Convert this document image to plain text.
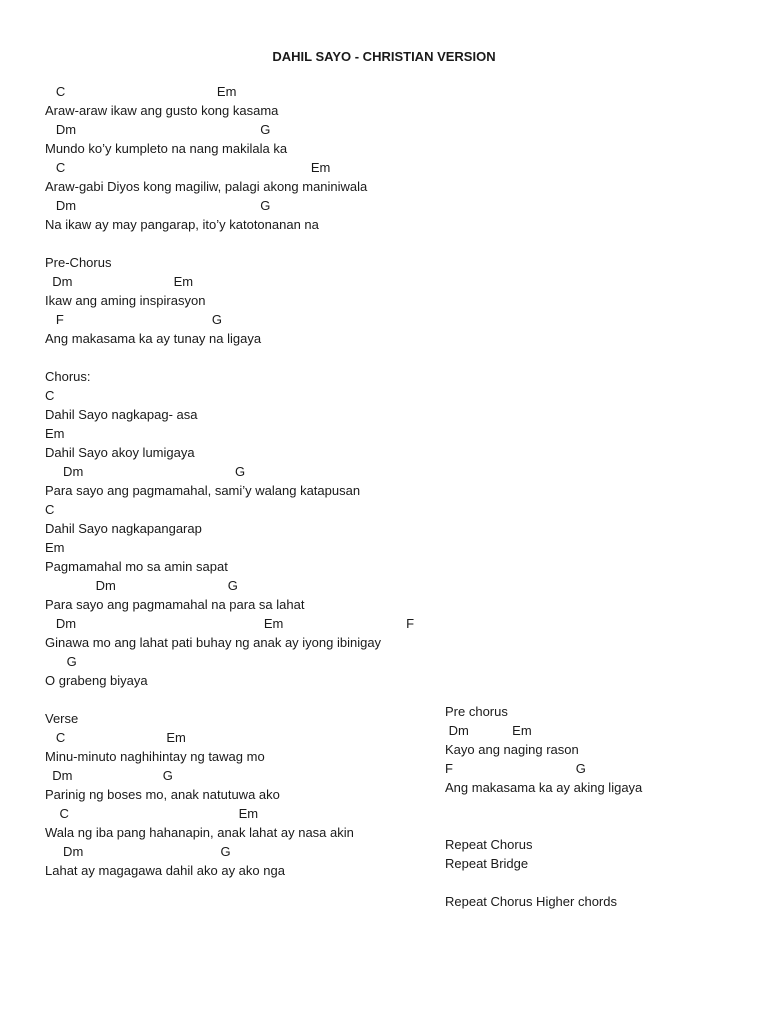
DAHIL SAYO - CHRISTIAN VERSION
C                                          Em
Araw-araw ikaw ang gusto kong kasama
Dm                                                   G
Mundo ko’y kumpleto na nang makilala ka
C                                                                    Em
Araw-gabi Diyos kong magiliw, palagi akong maniniwala
Dm                                                   G
Na ikaw ay may pangarap, ito’y katotonanan na
Pre-Chorus
Dm                            Em
Ikaw ang aming inspirasyon
F                                         G
Ang makasama ka ay tunay na ligaya
Chorus:
C
Dahil Sayo nagkapag- asa
Em
Dahil Sayo akoy lumigaya
Dm                                          G
Para sayo ang pagmamahal, sami’y walang katapusan
C
Dahil Sayo nagkapangarap
Em
Pagmamahal mo sa amin sapat
Dm                               G
Para sayo ang pagmamahal na para sa lahat
Dm                                                    Em                                  F
Ginawa mo ang lahat pati buhay ng anak ay iyong ibinigay
G
O grabeng biyaya
Verse
C                            Em
Minu-minuto naghihintay ng tawag mo
Dm                         G
Parinig ng boses mo, anak natutuwa ako
C                                               Em
Wala ng iba pang hahanapin, anak lahat ay nasa akin
Dm                                      G
Lahat ay magagawa dahil ako ay ako nga
Pre chorus
Dm            Em
Kayo ang naging rason
F                                  G
Ang makasama ka ay aking ligaya
Repeat Chorus
Repeat Bridge
Repeat Chorus Higher chords
